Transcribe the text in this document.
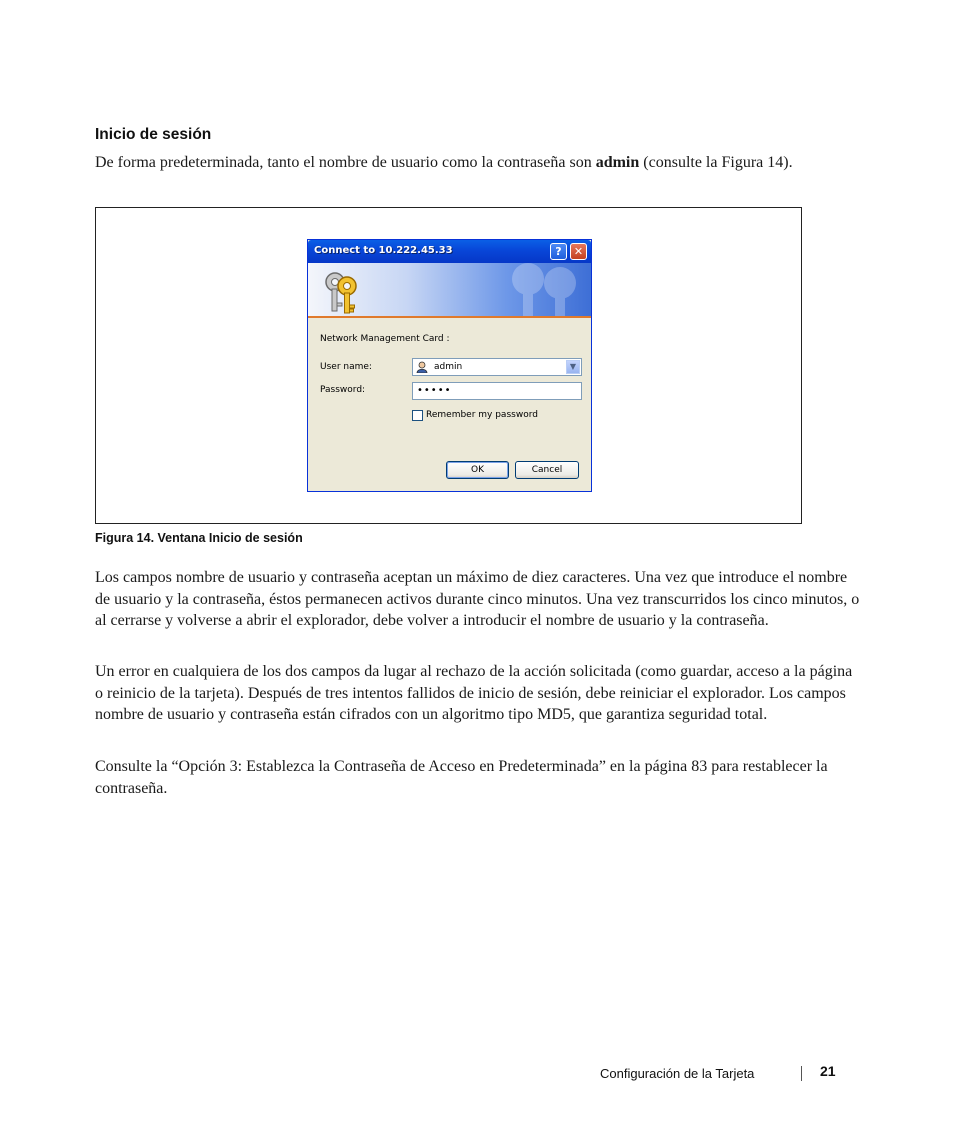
Inicio de sesión

De forma predeterminada, tanto el nombre de usuario como la contraseña son admin (consulte la Figura 14).

Connect to 10.222.45.33	?	✕
Network Management Card :
User name:	admin	▼
Password:	•••••
Remember my password
OK	Cancel

Figura 14. Ventana Inicio de sesión

Los campos nombre de usuario y contraseña aceptan un máximo de diez caracteres. Una vez que introduce el nombre de usuario y la contraseña, éstos permanecen activos durante cinco minutos. Una vez transcurridos los cinco minutos, o al cerrarse y volverse a abrir el explorador, debe volver a introducir el nombre de usuario y la contraseña.

Un error en cualquiera de los dos campos da lugar al rechazo de la acción solicitada (como guardar, acceso a la página o reinicio de la tarjeta). Después de tres intentos fallidos de inicio de sesión, debe reiniciar el explorador. Los campos nombre de usuario y contraseña están cifrados con un algoritmo tipo MD5, que garantiza seguridad total.

Consulte la “Opción 3: Establezca la Contraseña de Acceso en Predeterminada” en la página 83 para restablecer la contraseña.

Configuración de la Tarjeta	21
